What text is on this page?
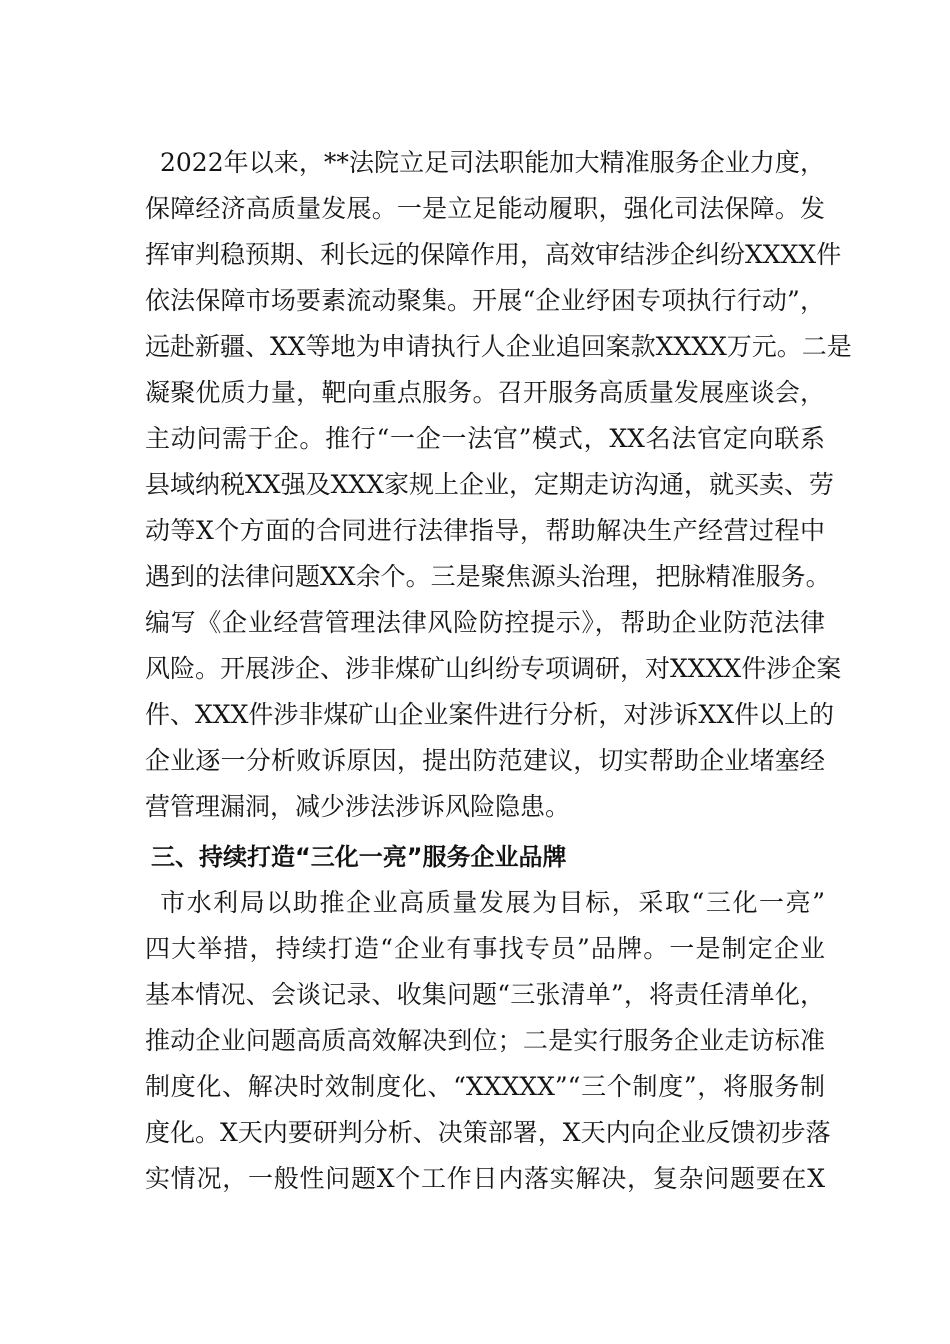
2022年以来，**法院立足司法职能加大精准服务企业力度，
保障经济高质量发展。一是立足能动履职，强化司法保障。发
挥审判稳预期、利长远的保障作用，高效审结涉企纠纷XXXX件
依法保障市场要素流动聚集。开展“企业纾困专项执行行动”，
远赴新疆、XX等地为申请执行人企业追回案款XXXX万元。二是
凝聚优质力量，靶向重点服务。召开服务高质量发展座谈会，
主动问需于企。推行“一企一法官”模式，XX名法官定向联系
县域纳税XX强及XXX家规上企业，定期走访沟通，就买卖、劳
动等X个方面的合同进行法律指导，帮助解决生产经营过程中
遇到的法律问题XX余个。三是聚焦源头治理，把脉精准服务。
编写《企业经营管理法律风险防控提示》，帮助企业防范法律
风险。开展涉企、涉非煤矿山纠纷专项调研，对XXXX件涉企案
件、XXX件涉非煤矿山企业案件进行分析，对涉诉XX件以上的
企业逐一分析败诉原因，提出防范建议，切实帮助企业堵塞经
营管理漏洞，减少涉法涉诉风险隐患。
三、持续打造“三化一亮”服务企业品牌
市水利局以助推企业高质量发展为目标，采取“三化一亮”
四大举措，持续打造“企业有事找专员”品牌。一是制定企业
基本情况、会谈记录、收集问题“三张清单”，将责任清单化，
推动企业问题高质高效解决到位；二是实行服务企业走访标准
制度化、解决时效制度化、“XXXXX”“三个制度”，将服务制
度化。X天内要研判分析、决策部署，X天内向企业反馈初步落
实情况，一般性问题X个工作日内落实解决，复杂问题要在X
